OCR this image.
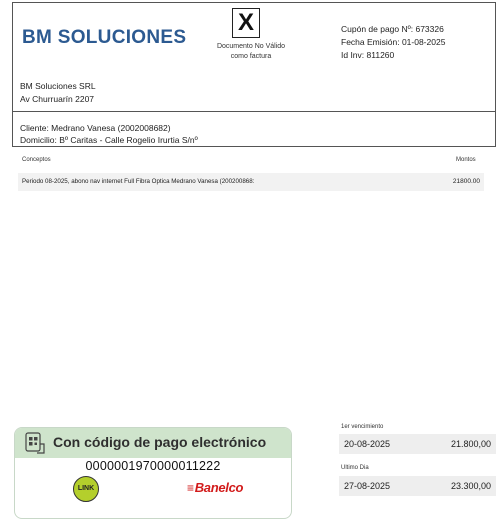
BM SOLUCIONES
X
Documento No Válido
como factura
Cupón de pago Nº: 673326
Fecha Emisión: 01-08-2025
Id Inv: 811260
BM Soluciones SRL
Av Churruarín 2207
Cliente: Medrano Vanesa (2002008682)
Domicilio: Bº Caritas - Calle Rogelio Irurtia S/nº
Conceptos	Montos
Periodo 08-2025, abono nav internet Full Fibra Optica Medrano Vanesa (200200868:	21800.00
Con código de pago electrónico
0000001970000011222
LINK	≡Banelco
1er vencimiento
20-08-2025	21.800,00
Ultimo Dia
27-08-2025	23.300,00
